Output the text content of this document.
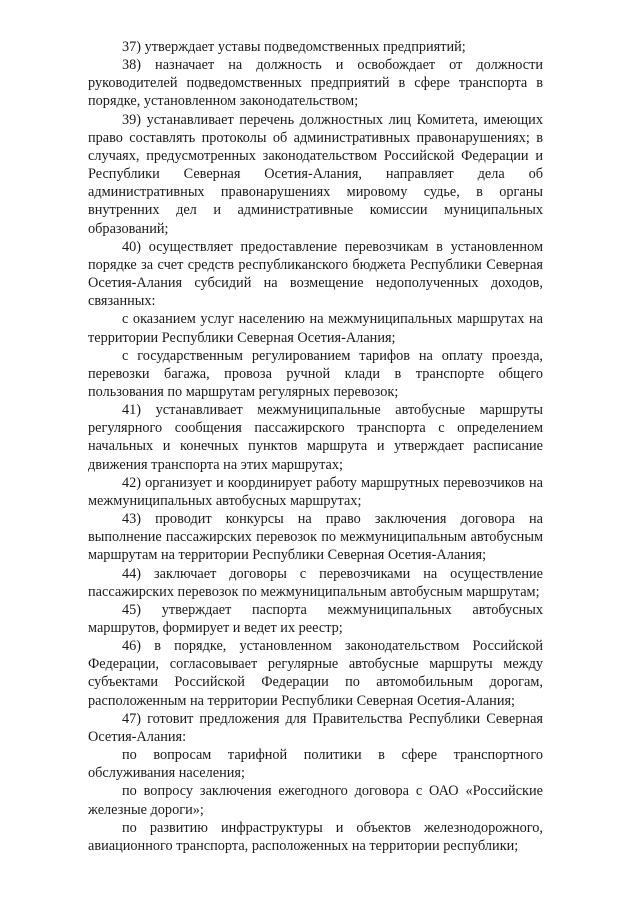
37) утверждает уставы подведомственных предприятий;

38) назначает на должность и освобождает от должности руководителей подведомственных предприятий в сфере транспорта в порядке, установленном законодательством;

39) устанавливает перечень должностных лиц Комитета, имеющих право составлять протоколы об административных правонарушениях; в случаях, предусмотренных законодательством Российской Федерации и Республики Северная Осетия-Алания, направляет дела об административных правонарушениях мировому судье, в органы внутренних дел и административные комиссии муниципальных образований;

40) осуществляет предоставление перевозчикам в установленном порядке за счет средств республиканского бюджета Республики Северная Осетия-Алания субсидий на возмещение недополученных доходов, связанных:

с оказанием услуг населению на межмуниципальных маршрутах на территории Республики Северная Осетия-Алания;

с государственным регулированием тарифов на оплату проезда, перевозки багажа, провоза ручной клади в транспорте общего пользования по маршрутам регулярных перевозок;

41) устанавливает межмуниципальные автобусные маршруты регулярного сообщения пассажирского транспорта с определением начальных и конечных пунктов маршрута и утверждает расписание движения транспорта на этих маршрутах;

42) организует и координирует работу маршрутных перевозчиков на межмуниципальных автобусных маршрутах;

43) проводит конкурсы на право заключения договора на выполнение пассажирских перевозок по межмуниципальным автобусным маршрутам на территории Республики Северная Осетия-Алания;

44) заключает договоры с перевозчиками на осуществление пассажирских перевозок по межмуниципальным автобусным маршрутам;

45) утверждает паспорта межмуниципальных автобусных маршрутов, формирует и ведет их реестр;

46) в порядке, установленном законодательством Российской Федерации, согласовывает регулярные автобусные маршруты между субъектами Российской Федерации по автомобильным дорогам, расположенным на территории Республики Северная Осетия-Алания;

47) готовит предложения для Правительства Республики Северная Осетия-Алания:

по вопросам тарифной политики в сфере транспортного обслуживания населения;

по вопросу заключения ежегодного договора с ОАО «Российские железные дороги»;

по развитию инфраструктуры и объектов железнодорожного, авиационного транспорта, расположенных на территории республики;
